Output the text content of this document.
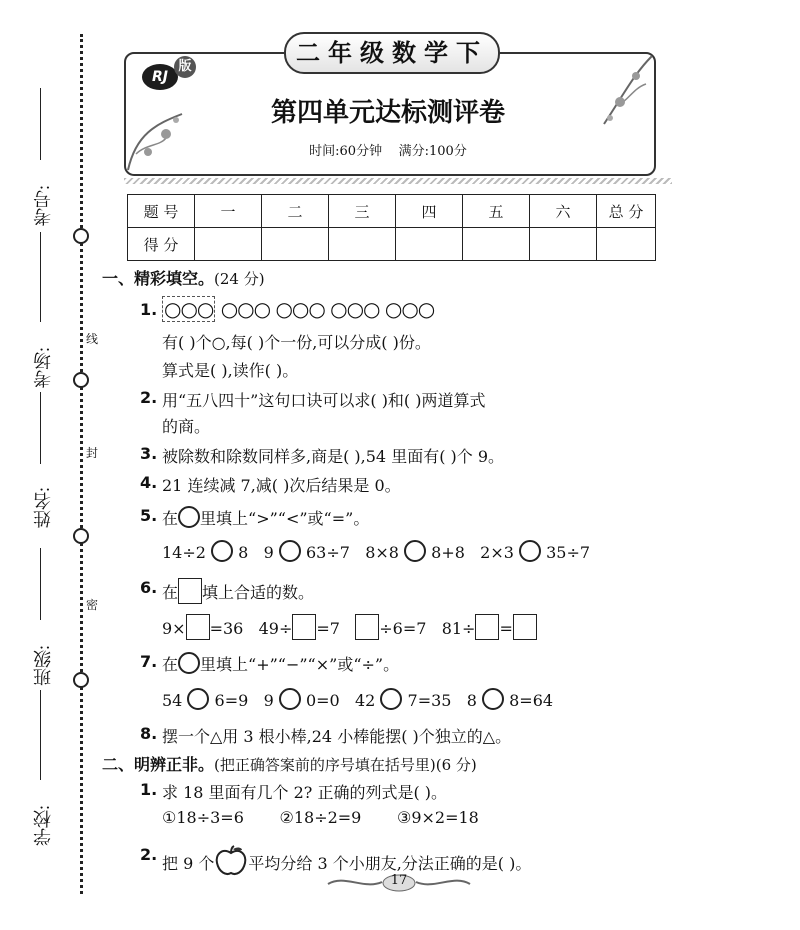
线
封
密
考号:
考场:
姓名:
班级:
学校:
二年级数学下
RJ
版
第四单元达标测评卷
时间:60分钟 满分:100分
题 号	一	二	三	四	五	六	总 分
得 分							
一、精彩填空。(24 分)
1. ○○○ ○○○ ○○○ ○○○ ○○○
有( )个○,每( )个一份,可以分成( )份。
算式是( ),读作( )。
2. 用“五八四十”这句口诀可以求( )和( )两道算式
的商。
3. 被除数和除数同样多,商是( ),54 里面有( )个 9。
4. 21 连续减 7,减( )次后结果是 0。
5. 在 里填上“>”“<”或“=”。
14÷2 8 9 63÷7 8×8 8+8 2×3 35÷7
6. 在 填上合适的数。
9× =36 49÷ =7 ÷6=7 81÷ =
7. 在 里填上“+”“−”“×”或“÷”。
54 6=9 9 0=0 42 7=35 8 8=64
8. 摆一个△用 3 根小棒,24 小棒能摆( )个独立的△。
二、明辨正非。(把正确答案前的序号填在括号里)(6 分)
1. 求 18 里面有几个 2? 正确的列式是( )。
①18÷3=6 ②18÷2=9 ③9×2=18
2. 把 9 个 平均分给 3 个小朋友,分法正确的是( )。
17
